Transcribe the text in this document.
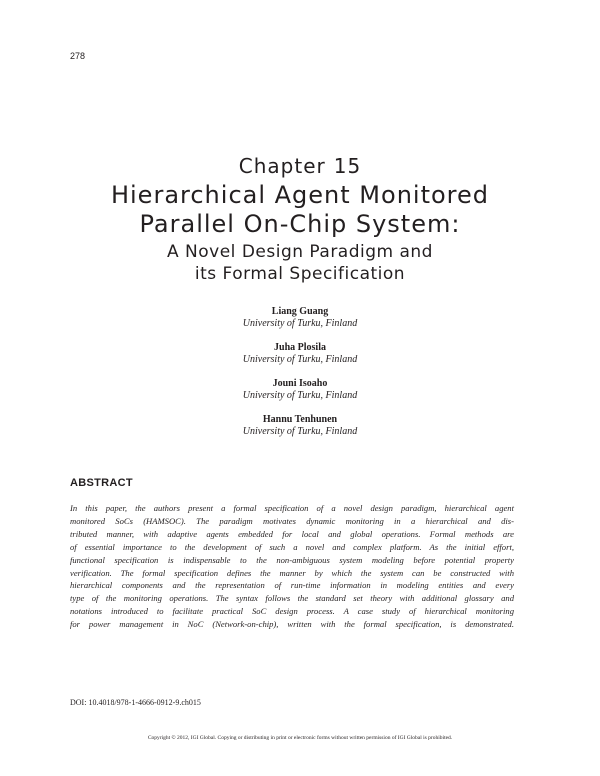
278
Chapter 15
Hierarchical Agent Monitored
Parallel On-Chip System:
A Novel Design Paradigm and
its Formal Specification
Liang Guang
University of Turku, Finland
Juha Plosila
University of Turku, Finland
Jouni Isoaho
University of Turku, Finland
Hannu Tenhunen
University of Turku, Finland
ABSTRACT
In this paper, the authors present a formal specification of a novel design paradigm, hierarchical agent
monitored SoCs (HAMSOC). The paradigm motivates dynamic monitoring in a hierarchical and dis-
tributed manner, with adaptive agents embedded for local and global operations. Formal methods are
of essential importance to the development of such a novel and complex platform. As the initial effort,
functional specification is indispensable to the non-ambiguous system modeling before potential property
verification. The formal specification defines the manner by which the system can be constructed with
hierarchical components and the representation of run-time information in modeling entities and every
type of the monitoring operations. The syntax follows the standard set theory with additional glossary and
notations introduced to facilitate practical SoC design process. A case study of hierarchical monitoring
for power management in NoC (Network-on-chip), written with the formal specification, is demonstrated.
DOI: 10.4018/978-1-4666-0912-9.ch015
Copyright © 2012, IGI Global. Copying or distributing in print or electronic forms without written permission of IGI Global is prohibited.
